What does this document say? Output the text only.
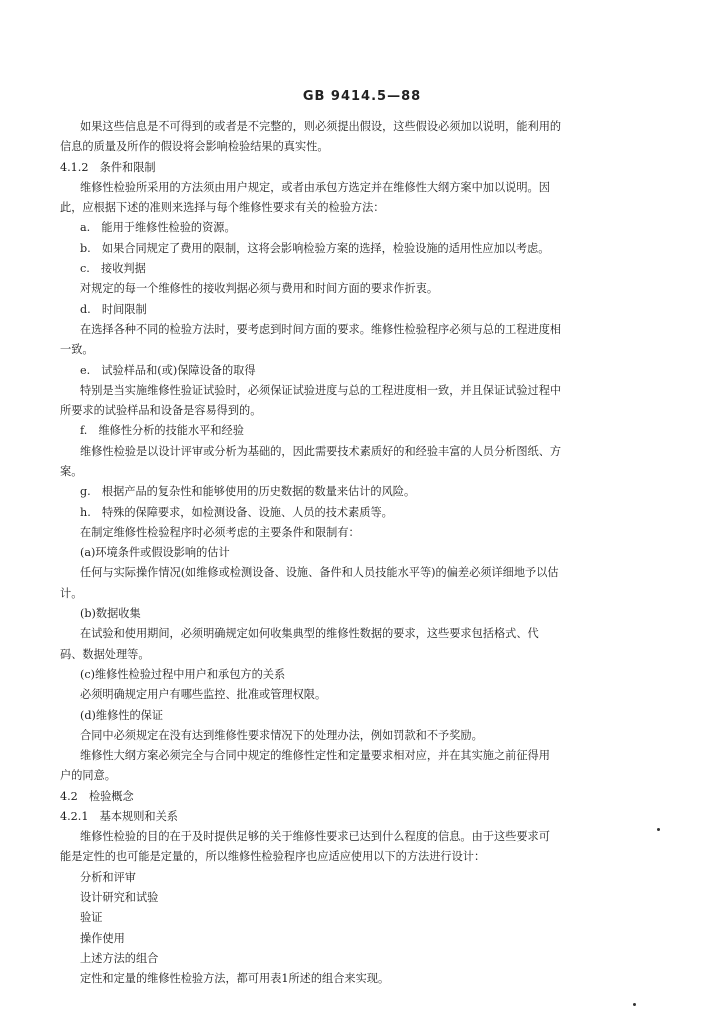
GB 9414.5—88
如果这些信息是不可得到的或者是不完整的，则必须提出假设，这些假设必须加以说明，能利用的
信息的质量及所作的假设将会影响检验结果的真实性。
4.1.2　条件和限制
维修性检验所采用的方法须由用户规定，或者由承包方选定并在维修性大纲方案中加以说明。因
此，应根据下述的准则来选择与每个维修性要求有关的检验方法：
a.　能用于维修性检验的资源。
b.　如果合同规定了费用的限制，这将会影响检验方案的选择，检验设施的适用性应加以考虑。
c.　接收判据
对规定的每一个维修性的接收判据必须与费用和时间方面的要求作折衷。
d.　时间限制
在选择各种不同的检验方法时，要考虑到时间方面的要求。维修性检验程序必须与总的工程进度相
一致。
e.　试验样品和(或)保障设备的取得
特别是当实施维修性验证试验时，必须保证试验进度与总的工程进度相一致，并且保证试验过程中
所要求的试验样品和设备是容易得到的。
f.　维修性分析的技能水平和经验
维修性检验是以设计评审或分析为基础的，因此需要技术素质好的和经验丰富的人员分析图纸、方
案。
g.　根据产品的复杂性和能够使用的历史数据的数量来估计的风险。
h.　特殊的保障要求，如检测设备、设施、人员的技术素质等。
在制定维修性检验程序时必须考虑的主要条件和限制有：
(a)环境条件或假设影响的估计
任何与实际操作情况(如维修或检测设备、设施、备件和人员技能水平等)的偏差必须详细地予以估
计。
(b)数据收集
在试验和使用期间，必须明确规定如何收集典型的维修性数据的要求，这些要求包括格式、代
码、数据处理等。
(c)维修性检验过程中用户和承包方的关系
必须明确规定用户有哪些监控、批准或管理权限。
(d)维修性的保证
合同中必须规定在没有达到维修性要求情况下的处理办法，例如罚款和不予奖励。
维修性大纲方案必须完全与合同中规定的维修性定性和定量要求相对应，并在其实施之前征得用
户的同意。
4.2　检验概念
4.2.1　基本规则和关系
维修性检验的目的在于及时提供足够的关于维修性要求已达到什么程度的信息。由于这些要求可
能是定性的也可能是定量的，所以维修性检验程序也应适应使用以下的方法进行设计：
分析和评审
设计研究和试验
验证
操作使用
上述方法的组合
定性和定量的维修性检验方法，都可用表1所述的组合来实现。
